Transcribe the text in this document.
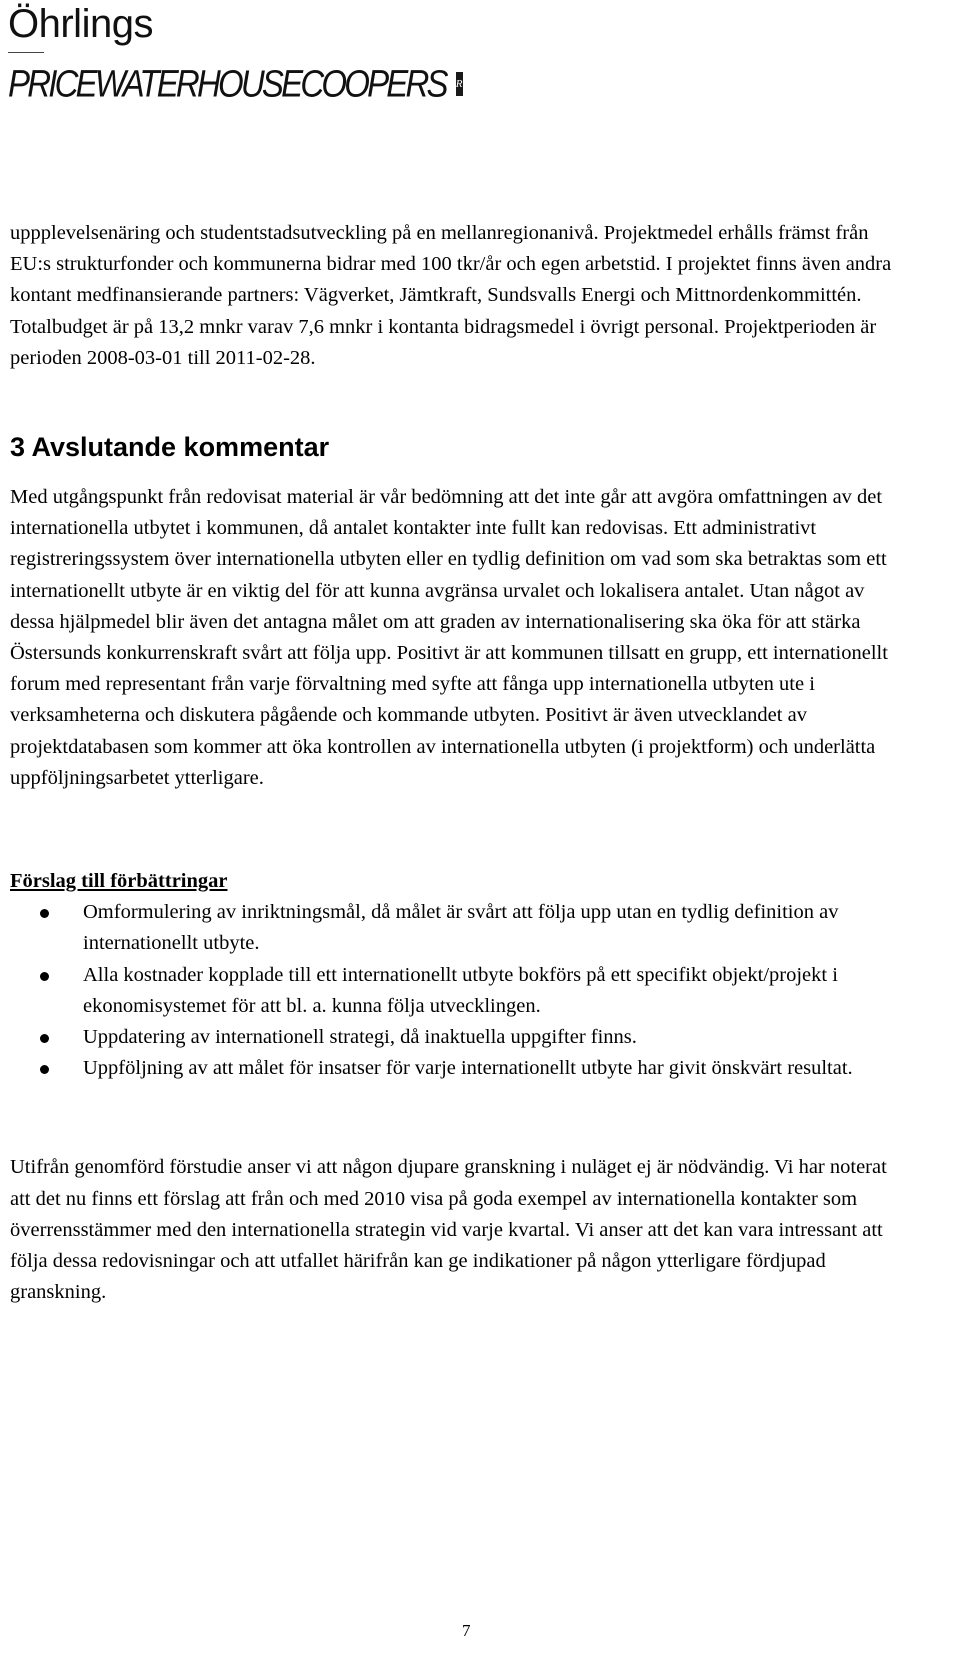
Öhrlings
PRICEWATERHOUSECOOPERS R

uppplevelsenäring och studentstadsutveckling på en mellanregionanivå. Projektmedel erhålls främst från EU:s strukturfonder och kommunerna bidrar med 100 tkr/år och egen arbetstid. I projektet finns även andra kontant medfinansierande partners: Vägverket, Jämtkraft, Sundsvalls Energi och Mittnordenkommittén. Totalbudget är på 13,2 mnkr varav 7,6 mnkr i kontanta bidragsmedel i övrigt personal. Projektperioden är perioden 2008-03-01 till 2011-02-28.

3 Avslutande kommentar

Med utgångspunkt från redovisat material är vår bedömning att det inte går att avgöra omfattningen av det internationella utbytet i kommunen, då antalet kontakter inte fullt kan redovisas. Ett administrativt registreringssystem över internationella utbyten eller en tydlig definition om vad som ska betraktas som ett internationellt utbyte är en viktig del för att kunna avgränsa urvalet och lokalisera antalet. Utan något av dessa hjälpmedel blir även det antagna målet om att graden av internationalisering ska öka för att stärka Östersunds konkurrenskraft svårt att följa upp. Positivt är att kommunen tillsatt en grupp, ett internationellt forum med representant från varje förvaltning med syfte att fånga upp internationella utbyten ute i verksamheterna och diskutera pågående och kommande utbyten. Positivt är även utvecklandet av projektdatabasen som kommer att öka kontrollen av internationella utbyten (i projektform) och underlätta uppföljningsarbetet ytterligare.

Förslag till förbättringar
Omformulering av inriktningsmål, då målet är svårt att följa upp utan en tydlig definition av internationellt utbyte.
Alla kostnader kopplade till ett internationellt utbyte bokförs på ett specifikt objekt/projekt i ekonomisystemet för att bl. a. kunna följa utvecklingen.
Uppdatering av internationell strategi, då inaktuella uppgifter finns.
Uppföljning av att målet för insatser för varje internationellt utbyte har givit önskvärt resultat.

Utifrån genomförd förstudie anser vi att någon djupare granskning i nuläget ej är nödvändig. Vi har noterat att det nu finns ett förslag att från och med 2010 visa på goda exempel av internationella kontakter som överrensstämmer med den internationella strategin vid varje kvartal. Vi anser att det kan vara intressant att följa dessa redovisningar och att utfallet härifrån kan ge indikationer på någon ytterligare fördjupad granskning.

7
